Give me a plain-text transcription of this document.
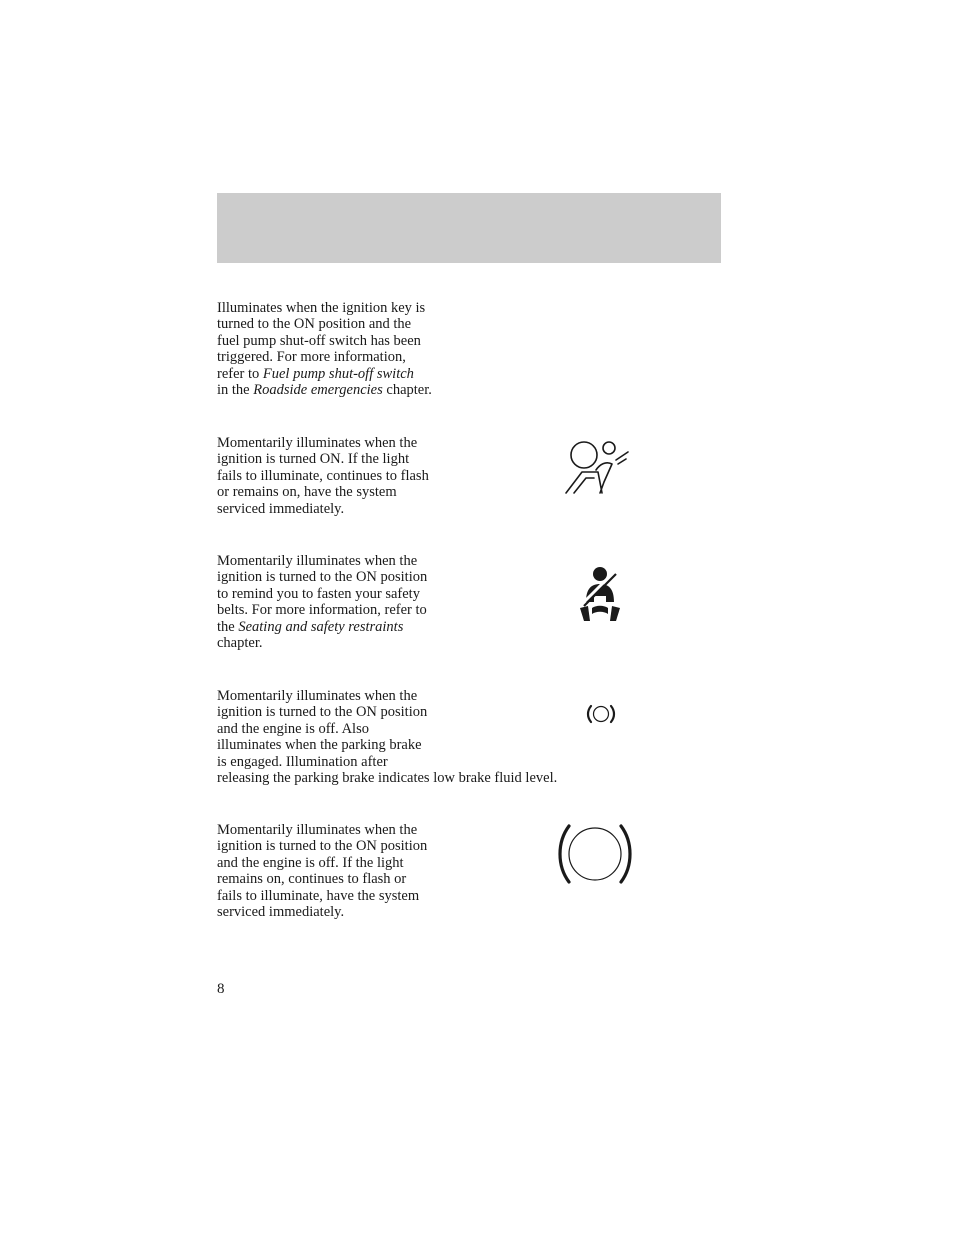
Illuminates when the ignition key is
turned to the ON position and the
fuel pump shut-off switch has been
triggered. For more information,
refer to Fuel pump shut-off switch
in the Roadside emergencies chapter.

Momentarily illuminates when the
ignition is turned ON. If the light
fails to illuminate, continues to flash
or remains on, have the system
serviced immediately.

Momentarily illuminates when the
ignition is turned to the ON position
to remind you to fasten your safety
belts. For more information, refer to
the Seating and safety restraints
chapter.

Momentarily illuminates when the
ignition is turned to the ON position
and the engine is off. Also
illuminates when the parking brake
is engaged. Illumination after
releasing the parking brake indicates low brake fluid level.

Momentarily illuminates when the
ignition is turned to the ON position
and the engine is off. If the light
remains on, continues to flash or
fails to illuminate, have the system
serviced immediately.

8
